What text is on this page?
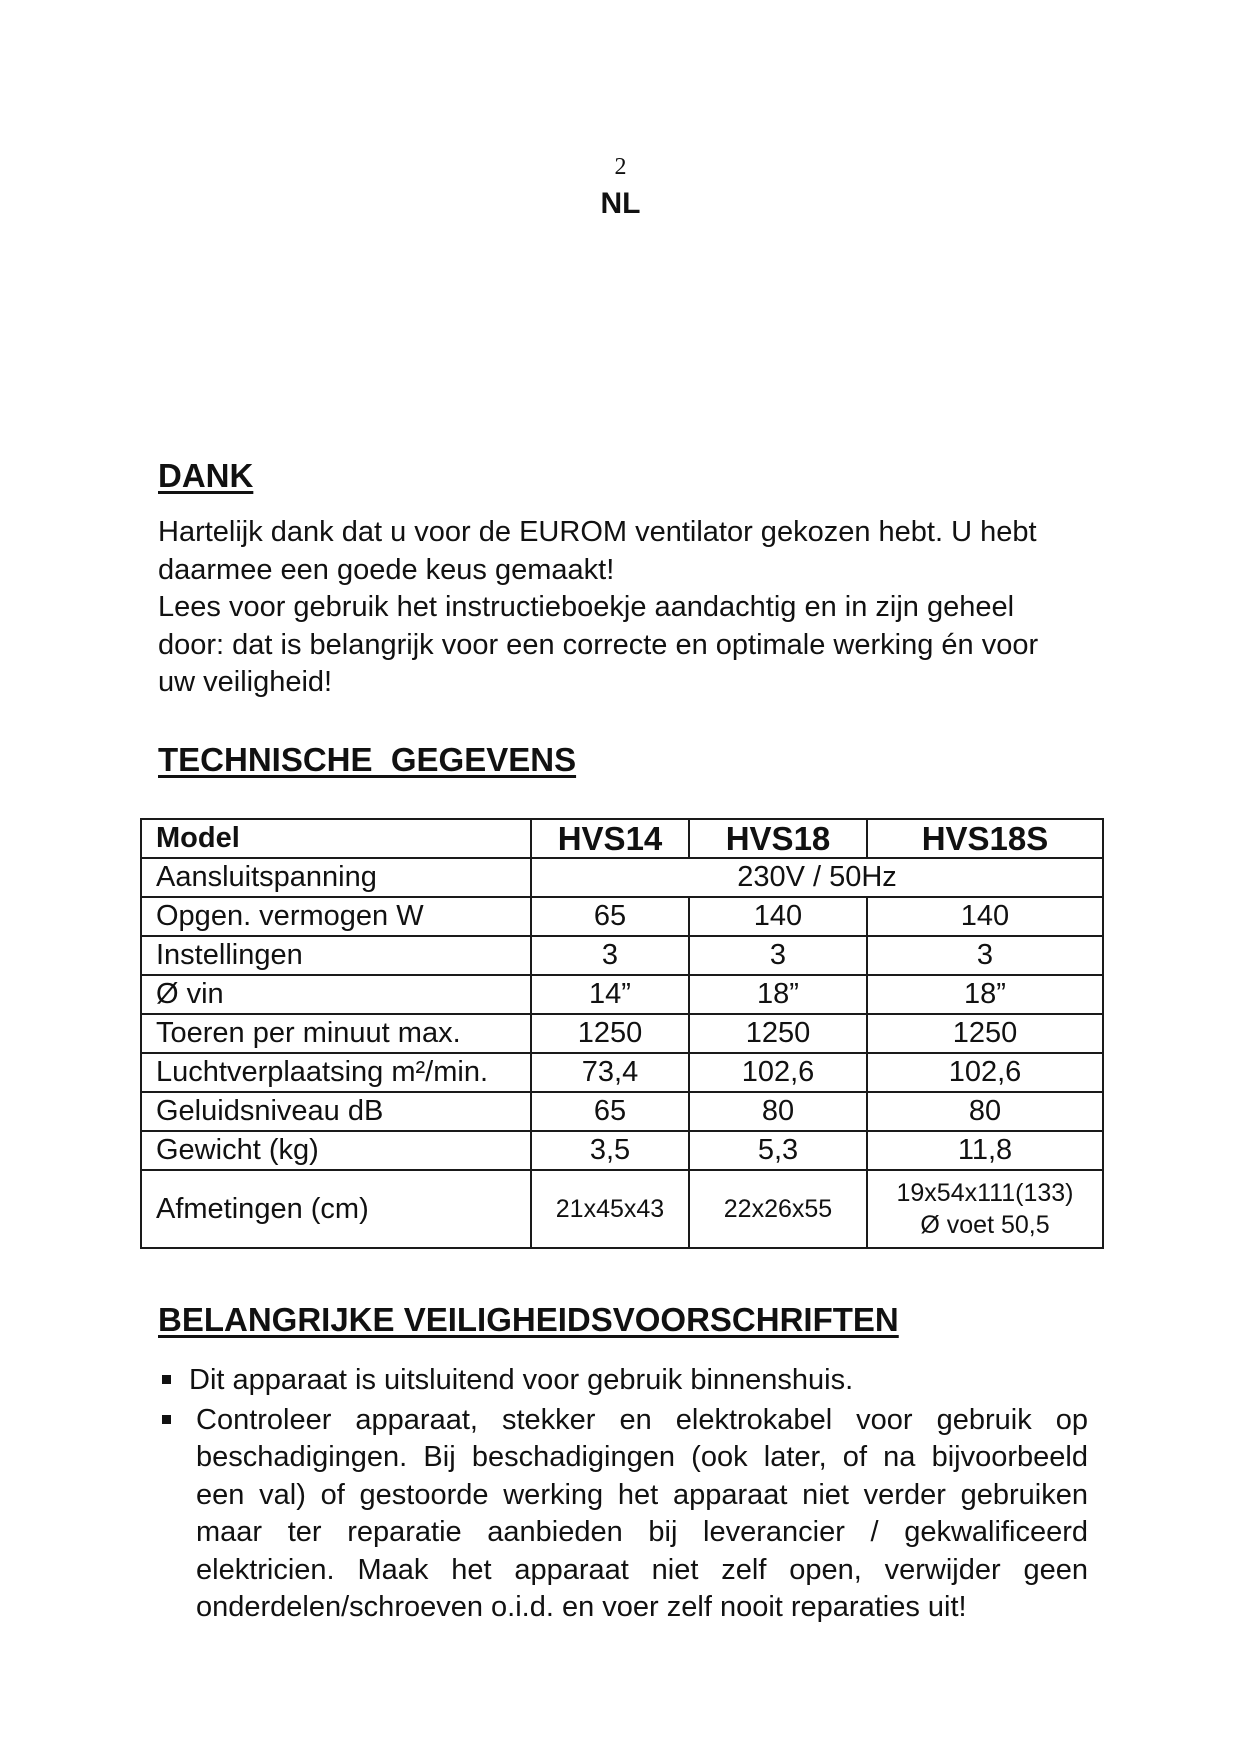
2
NL
DANK
Hartelijk dank dat u voor de EUROM ventilator gekozen hebt. U hebt
daarmee een goede keus gemaakt!
Lees voor gebruik het instructieboekje aandachtig en in zijn geheel
door: dat is belangrijk voor een correcte en optimale werking én voor
uw veiligheid!
TECHNISCHE  GEGEVENS
Model	HVS14	HVS18	HVS18S
Aansluitspanning	230V / 50Hz		
Opgen. vermogen W	65	140	140
Instellingen	3	3	3
Ø vin	14”	18”	18”
Toeren per minuut max.	1250	1250	1250
Luchtverplaatsing m²/min.	73,4	102,6	102,6
Geluidsniveau dB	65	80	80
Gewicht (kg)	3,5	5,3	11,8
Afmetingen (cm)	21x45x43	22x26x55	19x54x111(133)
Ø voet 50,5
BELANGRIJKE VEILIGHEIDSVOORSCHRIFTEN
Dit apparaat is uitsluitend voor gebruik binnenshuis.
Controleer apparaat, stekker en elektrokabel voor gebruik op
beschadigingen. Bij beschadigingen (ook later, of na bijvoorbeeld
een val) of gestoorde werking het apparaat niet verder gebruiken
maar ter reparatie aanbieden bij leverancier / gekwalificeerd
elektricien. Maak het apparaat niet zelf open, verwijder geen
onderdelen/schroeven o.i.d. en voer zelf nooit reparaties uit!
